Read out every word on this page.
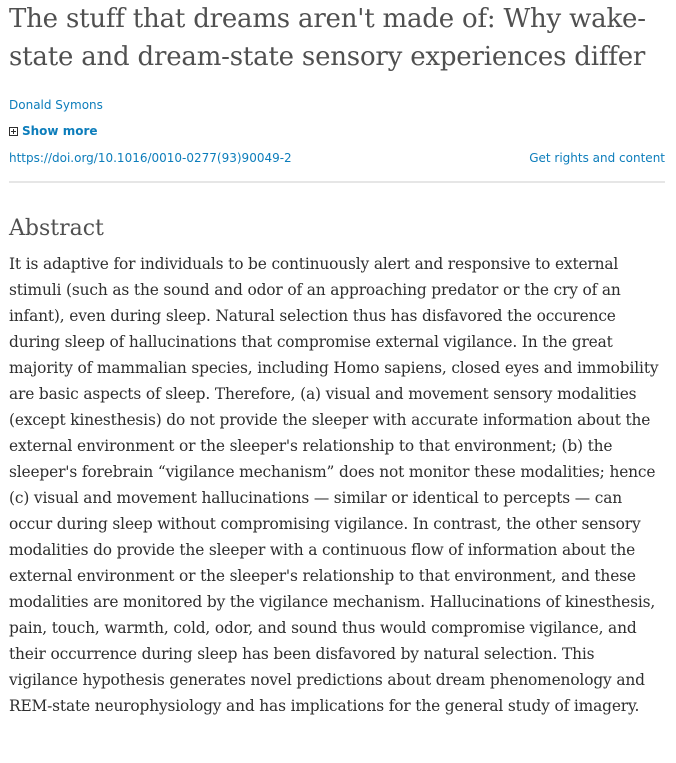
The stuff that dreams aren't made of: Why wake-state and dream-state sensory experiences differ
Donald Symons
Show more
https://doi.org/10.1016/0010-0277(93)90049-2	Get rights and content
Abstract

It is adaptive for individuals to be continuously alert and responsive to external stimuli (such as the sound and odor of an approaching predator or the cry of an infant), even during sleep. Natural selection thus has disfavored the occurence during sleep of hallucinations that compromise external vigilance. In the great majority of mammalian species, including Homo sapiens, closed eyes and immobility are basic aspects of sleep. Therefore, (a) visual and movement sensory modalities (except kinesthesis) do not provide the sleeper with accurate information about the external environment or the sleeper's relationship to that environment; (b) the sleeper's forebrain “vigilance mechanism” does not monitor these modalities; hence (c) visual and movement hallucinations — similar or identical to percepts — can occur during sleep without compromising vigilance. In contrast, the other sensory modalities do provide the sleeper with a continuous flow of information about the external environment or the sleeper's relationship to that environment, and these modalities are monitored by the vigilance mechanism. Hallucinations of kinesthesis, pain, touch, warmth, cold, odor, and sound thus would compromise vigilance, and their occurrence during sleep has been disfavored by natural selection. This vigilance hypothesis generates novel predictions about dream phenomenology and REM-state neurophysiology and has implications for the general study of imagery.
